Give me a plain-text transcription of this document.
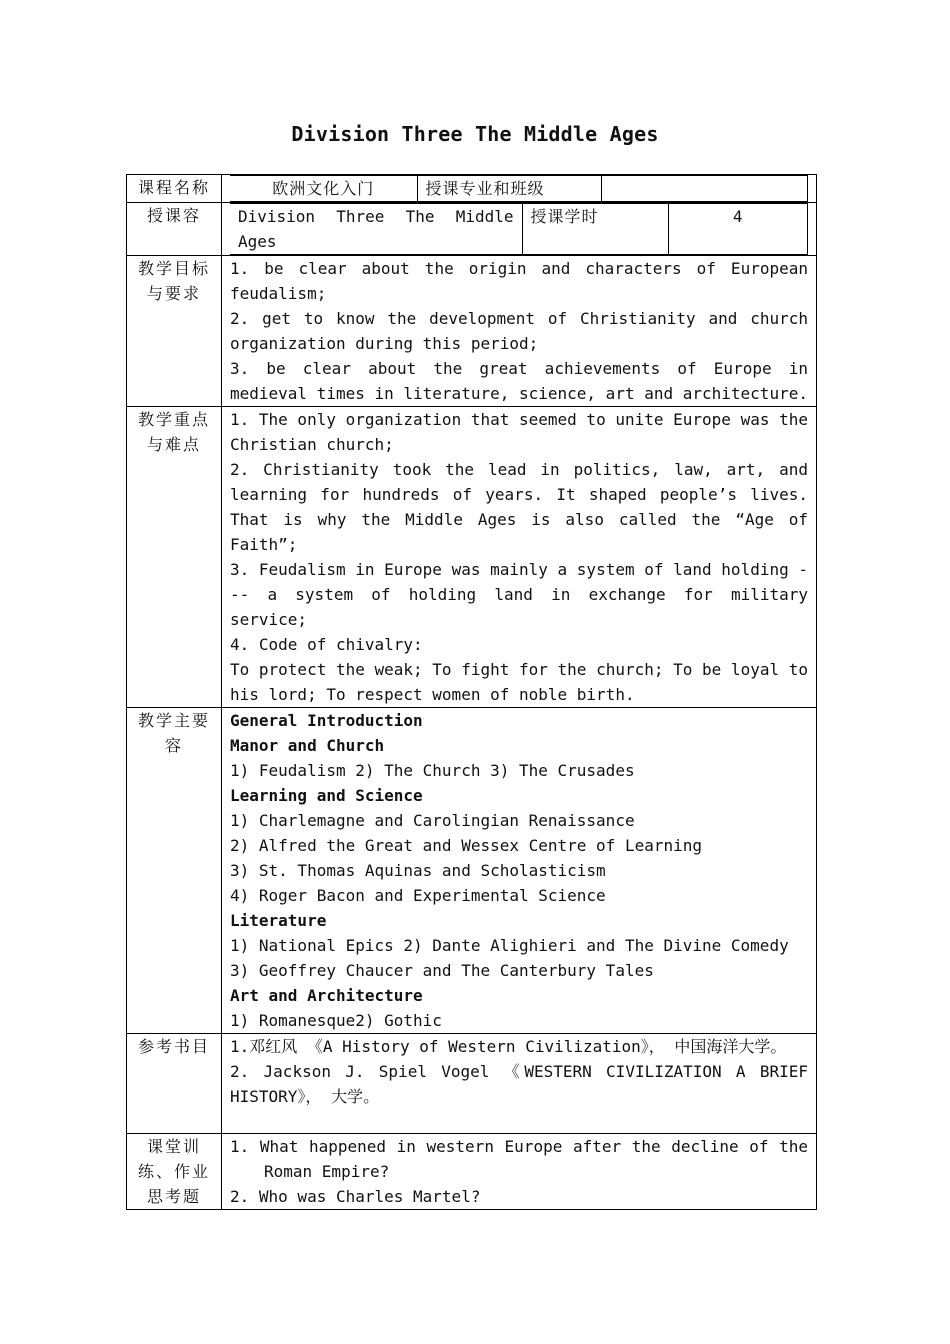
Division Three The Middle Ages
课程名称		欧洲文化入门	授课专业和班级	

授课容	Division Three The Middle Ages	授课学时	4

教学目标与要求	
1. be clear about the origin and characters of European feudalism;
2. get to know the development of Christianity and church organization during this period;
3. be clear about the great achievements of Europe in medieval times in literature, science, art and architecture.

教学重点与难点	
1. The only organization that seemed to unite Europe was the Christian church;
2. Christianity took the lead in politics, law, art, and learning for hundreds of years. It shaped people’s lives. That is why the Middle Ages is also called the “Age of Faith”;
3. Feudalism in Europe was mainly a system of land holding --- a system of holding land in exchange for military service;
4. Code of chivalry:
To protect the weak; To fight for the church; To be loyal to his lord; To respect women of noble birth.

教学主要容	
General Introduction
Manor and Church
1) Feudalism 2) The Church 3) The Crusades
Learning and Science
1) Charlemagne and Carolingian Renaissance
2) Alfred the Great and Wessex Centre of Learning
3) St. Thomas Aquinas and Scholasticism
4) Roger Bacon and Experimental Science
Literature
1) National Epics 2) Dante Alighieri and The Divine Comedy
3) Geoffrey Chaucer and The Canterbury Tales
Art and Architecture
1) Romanesque2) Gothic

参考书目	1.邓红风 《A History of Western Civilization》， 中国海洋大学。
2. Jackson J. Spiel Vogel 《WESTERN CIVILIZATION A BRIEF HISTORY》， 大学。

课堂训练、作业思考题	
1. What happened in western Europe after the decline of the Roman Empire?
2. Who was Charles Martel?
